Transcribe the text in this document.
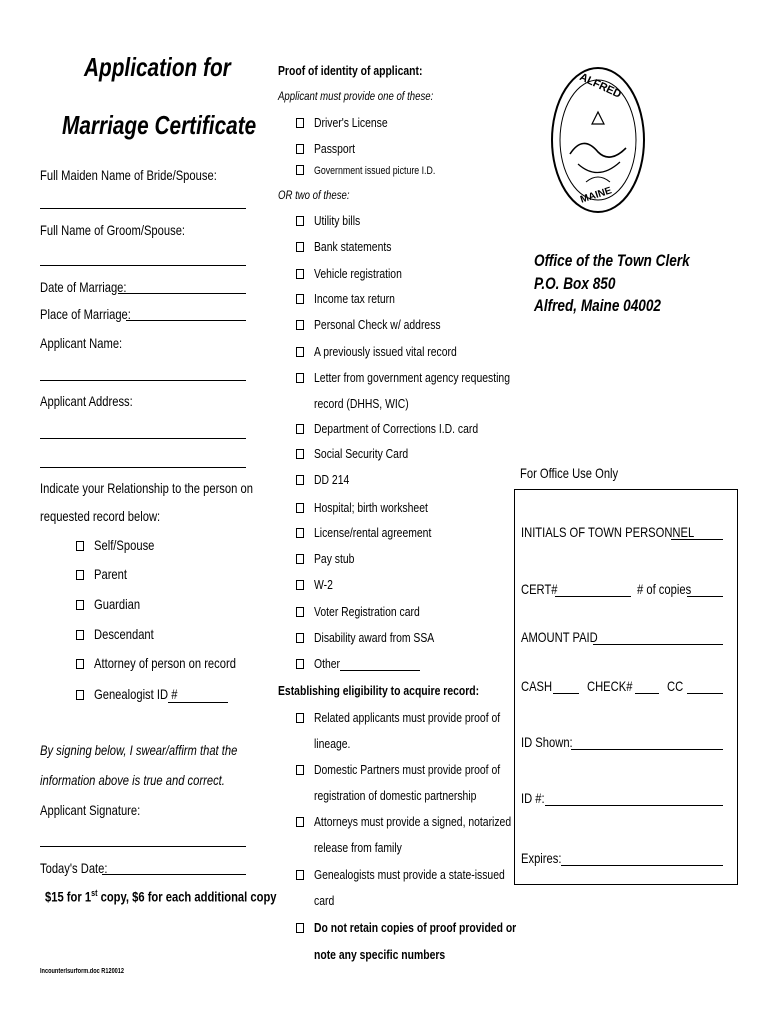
Application for
Marriage Certificate
Full Maiden Name of Bride/Spouse:
Full Name of Groom/Spouse:
Date of Marriage:
Place of Marriage:
Applicant Name:
Applicant Address:
Indicate your Relationship to the person on
requested record below:
Self/Spouse
Parent
Guardian
Descendant
Attorney of person on record
Genealogist ID #
By signing below, I swear/affirm that the
information above is true and correct.
Applicant Signature:
Today's Date:
$15 for 1st copy, $6 for each additional copy
Incounterlsurform.doc R120012
Proof of identity of applicant:
Applicant must provide one of these:
Driver's License
Passport
Government issued picture I.D.
OR two of these:
Utility bills
Bank statements
Vehicle registration
Income tax return
Personal Check w/ address
A previously issued vital record
Letter from government agency requesting
record (DHHS, WIC)
Department of Corrections I.D. card
Social Security Card
DD 214
Hospital; birth worksheet
License/rental agreement
Pay stub
W-2
Voter Registration card
Disability award from SSA
Other
Establishing eligibility to acquire record:
Related applicants must provide proof of
lineage.
Domestic Partners must provide proof of
registration of domestic partnership
Attorneys must provide a signed, notarized
release from family
Genealogists must provide a state-issued
card
Do not retain copies of proof provided or
note any specific numbers
ALFRED
MAINE
Office of the Town Clerk
P.O. Box 850
Alfred, Maine 04002
For Office Use Only
INITIALS OF TOWN PERSONNEL
CERT#	# of copies
AMOUNT PAID
CASH	CHECK#	CC
ID Shown:
ID #:
Expires:
